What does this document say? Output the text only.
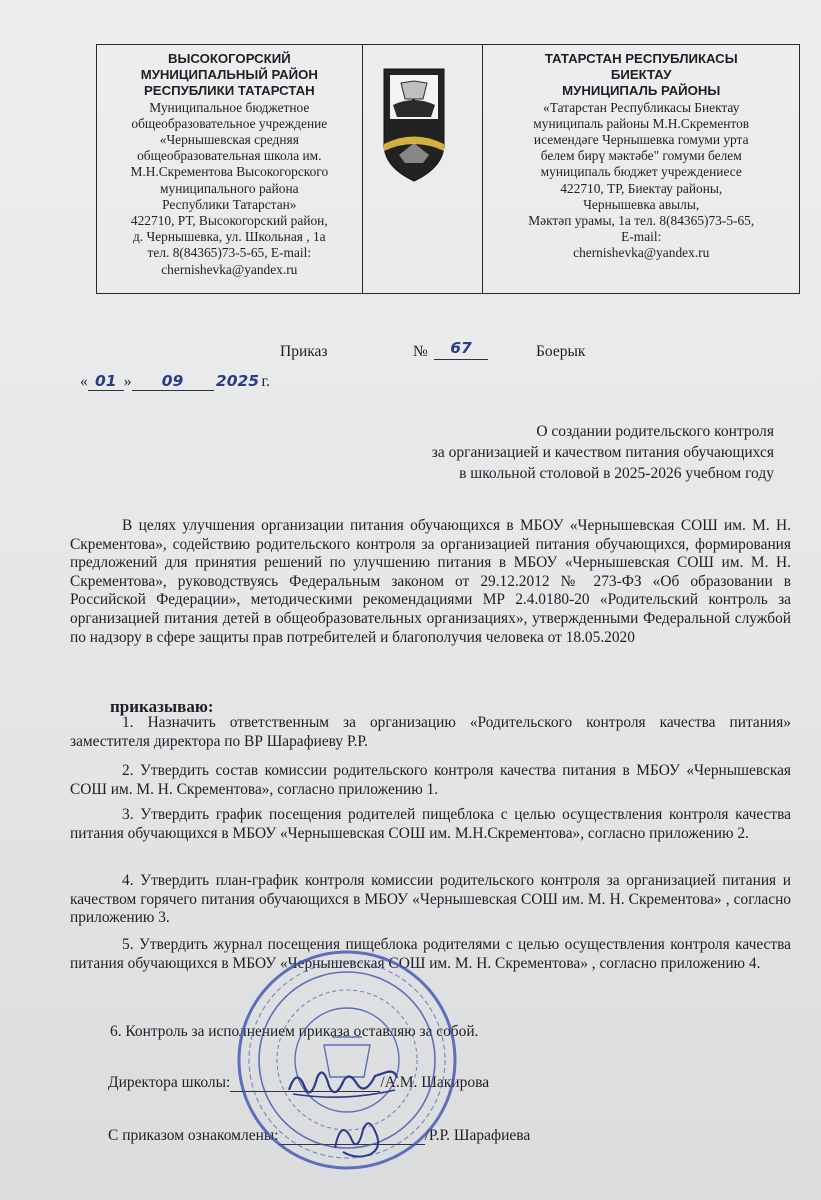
ВЫСОКОГОРСКИЙ
МУНИЦИПАЛЬНЫЙ РАЙОН
РЕСПУБЛИКИ ТАТАРСТАН
Муниципальное бюджетное
общеобразовательное учреждение
«Чернышевская средняя
общеобразовательная школа им.
М.Н.Скрементова Высокогорского
муниципального района
Республики Татарстан»
422710, РТ, Высокогорский район,
д. Чернышевка, ул. Школьная , 1а
тел. 8(84365)73-5-65, E-mail:
chernishevka@yandex.ru
ТАТАРСТАН РЕСПУБЛИКАСЫ
БИЕКТАУ
МУНИЦИПАЛЬ РАЙОНЫ
«Татарстан Республикасы Биектау
муниципаль районы М.Н.Скрементов
исемендәге Чернышевка гомуми урта
белем бирү мәктәбе" гомуми белем
муниципаль бюджет учреждениесе
422710, ТР, Биектау районы,
Чернышевка авылы,
Мәктәп урамы, 1а тел. 8(84365)73-5-65,
E-mail:
chernishevka@yandex.ru
Приказ	№	67	Боерык
« 01 » 09 2025 г.
О создании родительского контроля
за организацией и качеством питания обучающихся
в школьной столовой в 2025-2026 учебном году
В целях улучшения организации питания обучающихся в МБОУ «Чернышевская СОШ им. М. Н. Скрементова», содействию родительского контроля за организацией питания обучающихся, формирования предложений для принятия решений по улучшению питания в МБОУ «Чернышевская СОШ им. М. Н. Скрементова», руководствуясь Федеральным законом от 29.12.2012 № 273-ФЗ «Об образовании в Российской Федерации», методическими рекомендациями МР 2.4.0180-20 «Родительский контроль за организацией питания детей в общеобразовательных организациях», утвержденными Федеральной службой по надзору в сфере защиты прав потребителей и благополучия человека от 18.05.2020
приказываю:
1. Назначить ответственным за организацию «Родительского контроля качества питания» заместителя директора по ВР Шарафиеву Р.Р.
2. Утвердить состав комиссии родительского контроля качества питания в МБОУ «Чернышевская СОШ им. М. Н. Скрементова», согласно приложению 1.
3. Утвердить график посещения родителей пищеблока с целью осуществления контроля качества питания обучающихся в МБОУ «Чернышевская СОШ им. М.Н.Скрементова», согласно приложению 2.
4. Утвердить план-график контроля комиссии родительского контроля за организацией питания и качеством горячего питания обучающихся в МБОУ «Чернышевская СОШ им. М. Н. Скрементова» , согласно приложению 3.
5. Утвердить журнал посещения пищеблока родителями с целью осуществления контроля качества питания обучающихся в МБОУ «Чернышевская СОШ им. М. Н. Скрементова» , согласно приложению 4.
6. Контроль за исполнением приказа оставляю за собой.
Директора школы:	/А.М. Шакирова
С приказом ознакомлены:	/Р.Р. Шарафиева
